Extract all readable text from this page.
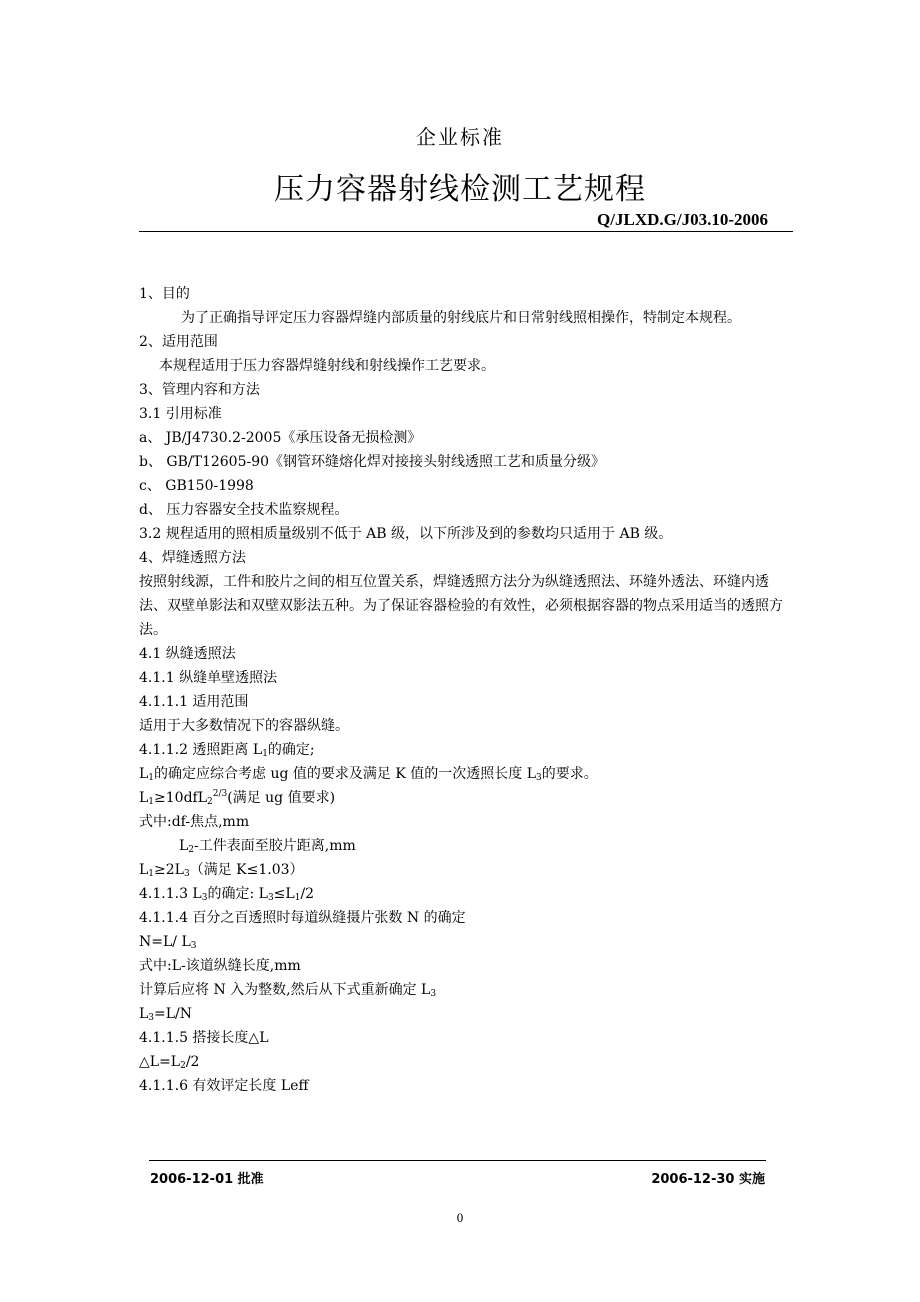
企业标准
压力容器射线检测工艺规程
Q/JLXD.G/J03.10-2006

1、目的

为了正确指导评定压力容器焊缝内部质量的射线底片和日常射线照相操作，特制定本规程。

2、适用范围

本规程适用于压力容器焊缝射线和射线操作工艺要求。

3、管理内容和方法

3.1 引用标准

a、 JB/J4730.2-2005《承压设备无损检测》

b、 GB/T12605-90《钢管环缝熔化焊对接接头射线透照工艺和质量分级》

c、 GB150-1998

d、 压力容器安全技术监察规程。

3.2 规程适用的照相质量级别不低于 AB 级，以下所涉及到的参数均只适用于 AB 级。

4、焊缝透照方法

按照射线源，工件和胶片之间的相互位置关系，焊缝透照方法分为纵缝透照法、环缝外透法、环缝内透法、双壁单影法和双壁双影法五种。为了保证容器检验的有效性，必须根据容器的物点采用适当的透照方法。

4.1 纵缝透照法

4.1.1 纵缝单壁透照法

4.1.1.1 适用范围

适用于大多数情况下的容器纵缝。

4.1.1.2 透照距离 $L_1$的确定;

$L_1$的确定应综合考虑 ug 值的要求及满足 K 值的一次透照长度 $L_3$的要求。

$L_1\ge 10dfL_2^{2/3}$(满足 ug 值要求)

式中:df-焦点,mm

$L_2-$工件表面至胶片距离,mm

$L_1\ge 2L_3$（满足 K≤1.03）

4.1.1.3 $L_3$的确定: $L_3\le L_1/2$

4.1.1.4 百分之百透照时每道纵缝摄片张数 N 的确定

N=L/ $L_3$

式中:L-该道纵缝长度,mm

计算后应将 N 入为整数,然后从下式重新确定 $L_3$

$L_3=L/N$

4.1.1.5 搭接长度△L

$\triangle L=L_2/2$

4.1.1.6 有效评定长度 Leff

2006-12-01 批准	2006-12-30 实施
0
